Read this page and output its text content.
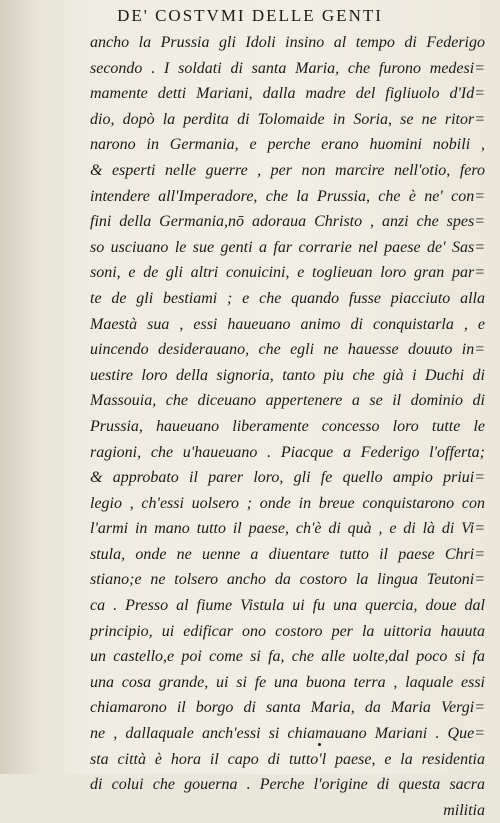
DE' COSTVMI DELLE GENTI
ancho la Prussia gli Idoli insino al tempo di Federigo
secondo . I soldati di santa Maria, che furono medesi=
mamente detti Mariani, dalla madre del figliuolo d'Id=
dio, dopò la perdita di Tolomaide in Soria, se ne ritor=
narono in Germania, e perche erano huomini nobili ,
& esperti nelle guerre , per non marcire nell'otio, fero
intendere all'Imperadore, che la Prussia, che è ne' con=
fini della Germania,nō adoraua Christo , anzi che spes=
so usciuano le sue genti a far corrarie nel paese de' Sas=
soni, e de gli altri conuicini, e toglieuan loro gran par=
te de gli bestiami ; e che quando fusse piacciuto alla
Maestà sua , essi haueuano animo di conquistarla , e
uincendo desiderauano, che egli ne hauesse douuto in=
uestire loro della signoria, tanto piu che già i Duchi di
Massouia, che diceuano appertenere a se il dominio di
Prussia, haueuano liberamente concesso loro tutte le
ragioni, che u'haueuano . Piacque a Federigo l'offerta;
& approbato il parer loro, gli fe quello ampio priui=
legio , ch'essi uolsero ; onde in breue conquistarono con
l'armi in mano tutto il paese, ch'è di quà , e di là di Vi=
stula, onde ne uenne a diuentare tutto il paese Chri=
stiano;e ne tolsero ancho da costoro la lingua Teutoni=
ca . Presso al fiume Vistula ui fu una quercia, doue dal
principio, ui edificar ono costoro per la uittoria hauuta
un castello,e poi come si fa, che alle uolte,dal poco si fa
una cosa grande, ui si fe una buona terra , laquale essi
chiamarono il borgo di santa Maria, da Maria Vergi=
ne , dallaquale anch'essi si chiamauano Mariani . Que=
sta città è hora il capo di tutto'l paese, e la residentia
di colui che gouerna . Perche l'origine di questa sacra
militia
